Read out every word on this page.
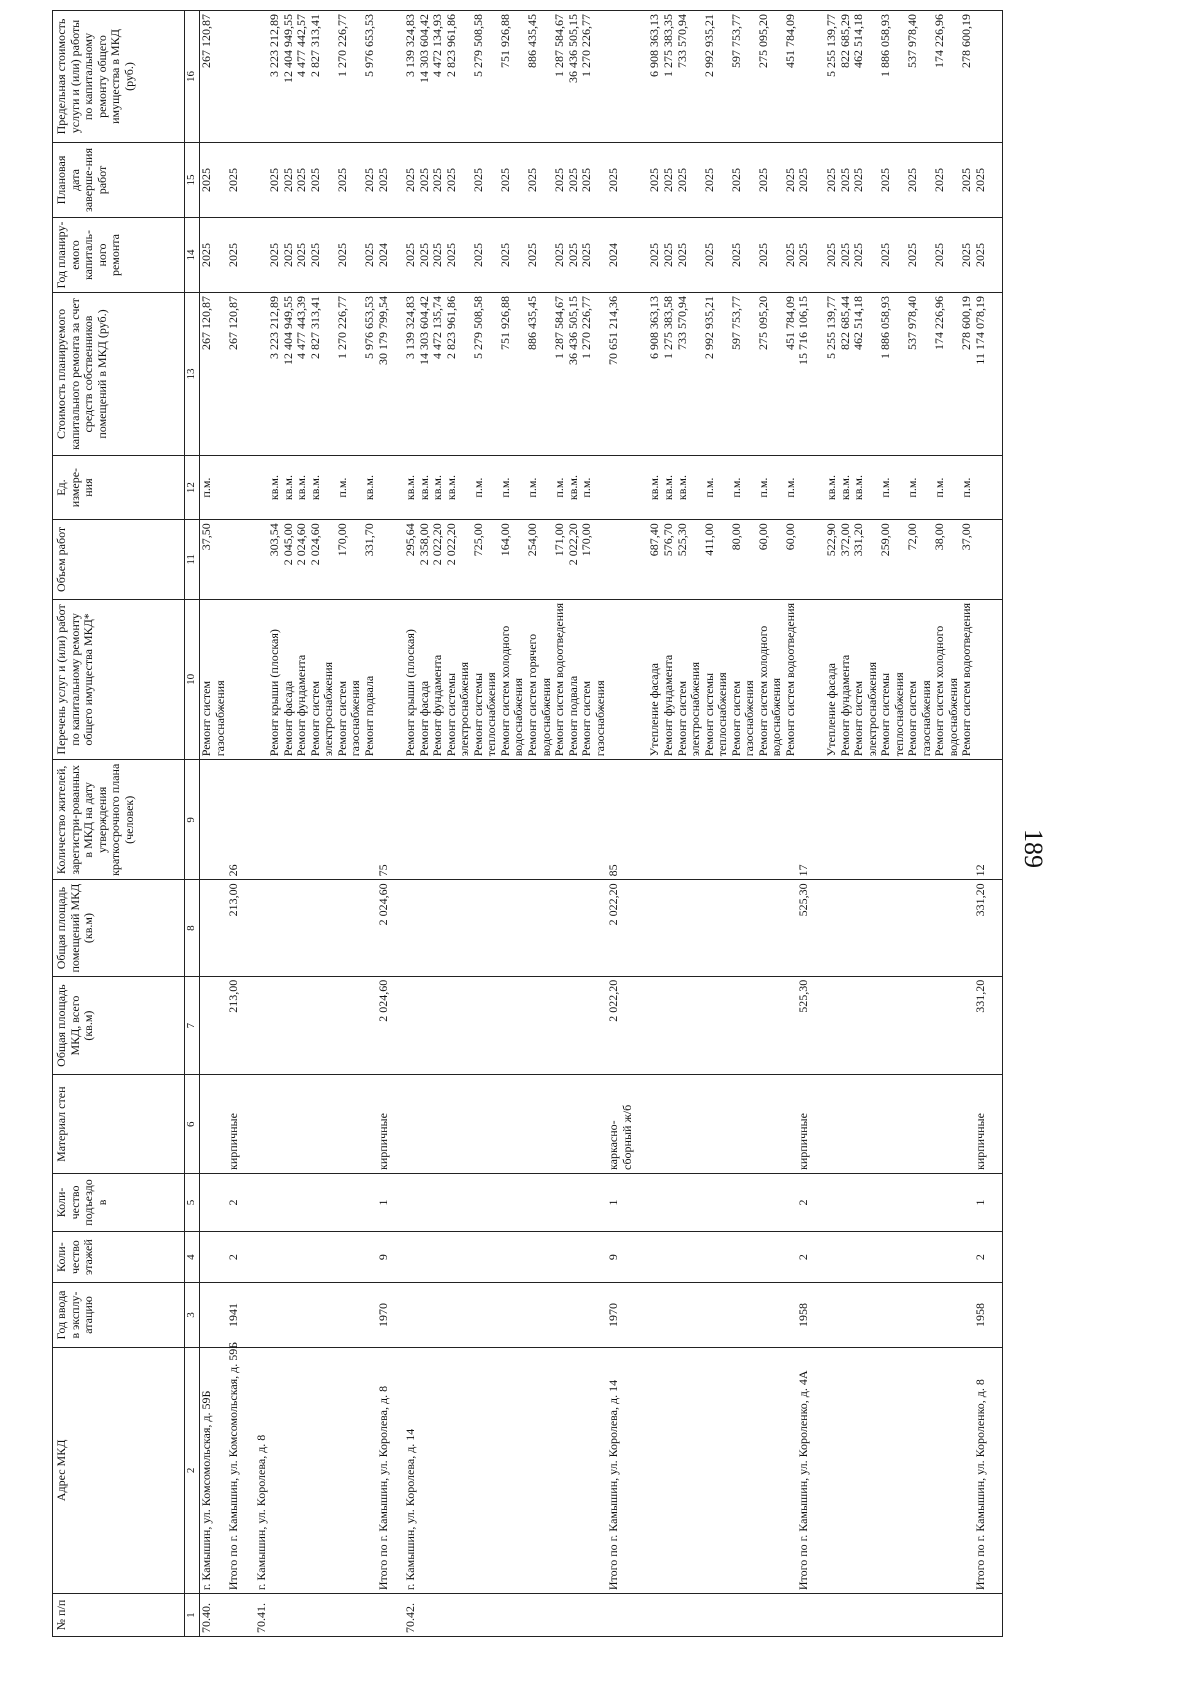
189
№ п/п	Адрес МКД	Год ввода в эксплу-атацию	Коли-чество этажей	Коли-чество подъездо в	Материал стен	Общая площадь МКД, всего (кв.м)	Общая площадь помещений МКД (кв.м)	Количество жителей, зарегистри-рованных в МКД на дату утверждения краткосрочного плана (человек)	Перечень услуг и (или) работ по капитальному ремонту общего имущества МКД*	Объем работ	Ед. измере-ния	Стоимость планируемого капитального ремонта за счет средств собственников помещений в МКД (руб.)	Год планиру-емого капиталь-ного ремонта	Плановая дата заверше-ния работ	Предельная стоимость услуги и (или) работы по капитальному ремонту общего имущества в МКД (руб.)
1	2	3	4	5	6	7	8	9	10	11	12	13	14	15	16
70.40.	г. Камышин, ул. Комсомольская, д. 59Б								Ремонт систем газоснабжения	37,50	п.м.	267 120,87	2025	2025	267 120,87
	Итого по г. Камышин, ул. Комсомольская, д. 59Б	1941	2	2	кирпичные	213,00	213,00	26				267 120,87	2025	2025	

70.41.	г. Камышин, ул. Королева, д. 8														
									Ремонт крыши (плоская)	303,54	кв.м.	3 223 212,89	2025	2025	3 223 212,89
									Ремонт фасада	2 045,00	кв.м.	12 404 949,55	2025	2025	12 404 949,55
									Ремонт фундамента	2 024,60	кв.м.	4 477 443,39	2025	2025	4 477 442,57
									Ремонт систем электроснабжения	2 024,60	кв.м.	2 827 313,41	2025	2025	2 827 313,41
									Ремонт систем газоснабжения	170,00	п.м.	1 270 226,77	2025	2025	1 270 226,77
									Ремонт подвала	331,70	кв.м.	5 976 653,53	2025	2025	5 976 653,53
	Итого по г. Камышин, ул. Королева, д. 8	1970	9	1	кирпичные	2 024,60	2 024,60	75				30 179 799,54	2024	2025	

70.42.	г. Камышин, ул. Королева, д. 14								Ремонт крыши (плоская)	295,64	кв.м.	3 139 324,83	2025	2025	3 139 324,83
									Ремонт фасада	2 358,00	кв.м.	14 303 604,42	2025	2025	14 303 604,42
									Ремонт фундамента	2 022,20	кв.м.	4 472 135,74	2025	2025	4 472 134,93
									Ремонт системы электроснабжения	2 022,20	кв.м.	2 823 961,86	2025	2025	2 823 961,86
									Ремонт системы теплоснабжения	725,00	п.м.	5 279 508,58	2025	2025	5 279 508,58
									Ремонт систем холодного водоснабжения	164,00	п.м.	751 926,88	2025	2025	751 926,88
									Ремонт систем горячего водоснабжения	254,00	п.м.	886 435,45	2025	2025	886 435,45
									Ремонт систем водоотведения	171,00	п.м.	1 287 584,67	2025	2025	1 287 584,67
									Ремонт подвала	2 022,20	кв.м.	36 436 505,15	2025	2025	36 436 505,15
									Ремонт систем газоснабжения	170,00	п.м.	1 270 226,77	2025	2025	1 270 226,77
	Итого по г. Камышин, ул. Королева, д. 14	1970	9	1	каркасно-сборный ж/б	2 022,20	2 022,20	85				70 651 214,36	2024	2025	

									Утепление фасада	687,40	кв.м.	6 908 363,13	2025	2025	6 908 363,13
									Ремонт фундамента	576,70	кв.м.	1 275 383,58	2025	2025	1 275 383,35
									Ремонт систем электроснабжения	525,30	кв.м.	733 570,94	2025	2025	733 570,94
									Ремонт системы теплоснабжения	411,00	п.м.	2 992 935,21	2025	2025	2 992 935,21
									Ремонт систем газоснабжения	80,00	п.м.	597 753,77	2025	2025	597 753,77
									Ремонт систем холодного водоснабжения	60,00	п.м.	275 095,20	2025	2025	275 095,20
									Ремонт систем водоотведения	60,00	п.м.	451 784,09	2025	2025	451 784,09
	Итого по г. Камышин, ул. Короленко, д. 4А	1958	2	2	кирпичные	525,30	525,30	17				15 716 106,15	2025	2025	

									Утепление фасада	522,90	кв.м.	5 255 139,77	2025	2025	5 255 139,77
									Ремонт фундамента	372,00	кв.м.	822 685,44	2025	2025	822 685,29
									Ремонт систем электроснабжения	331,20	кв.м.	462 514,18	2025	2025	462 514,18
									Ремонт системы теплоснабжения	259,00	п.м.	1 886 058,93	2025	2025	1 886 058,93
									Ремонт систем газоснабжения	72,00	п.м.	537 978,40	2025	2025	537 978,40
									Ремонт систем холодного водоснабжения	38,00	п.м.	174 226,96	2025	2025	174 226,96
									Ремонт систем водоотведения	37,00	п.м.	278 600,19	2025	2025	278 600,19
	Итого по г. Камышин, ул. Короленко, д. 8	1958	2	1	кирпичные	331,20	331,20	12				11 174 078,19	2025	2025	
